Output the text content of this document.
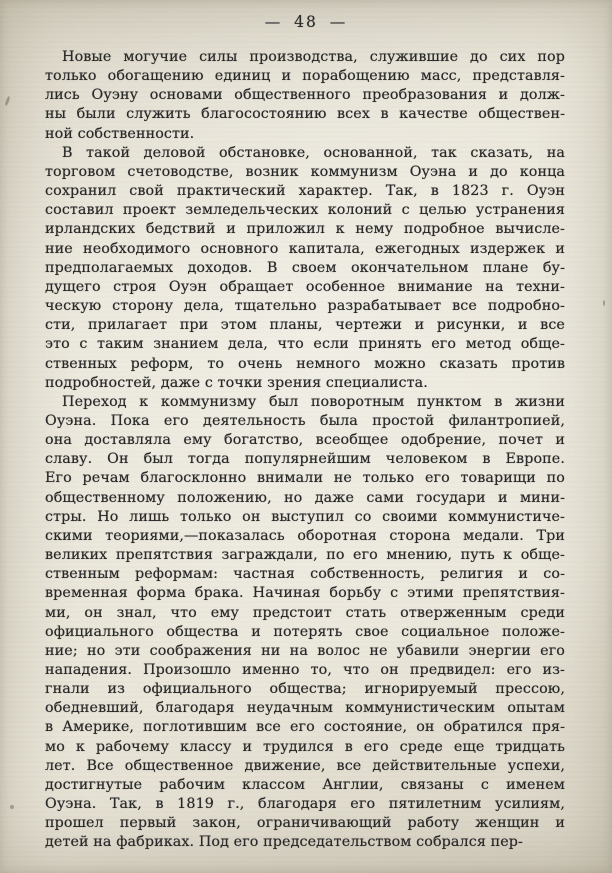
— 48 —
Новые могучие силы производства, служившие до сих пор
только обогащению единиц и порабощению масс, представля-
лись Оуэну основами общественного преобразования и долж-
ны были служить благосостоянию всех в качестве обществен-
ной собственности.
В такой деловой обстановке, основанной, так сказать, на
торговом счетоводстве, возник коммунизм Оуэна и до конца
сохранил свой практический характер. Так, в 1823 г. Оуэн
составил проект земледельческих колоний с целью устранения
ирландских бедствий и приложил к нему подробное вычисле-
ние необходимого основного капитала, ежегодных издержек и
предполагаемых доходов. В своем окончательном плане бу-
дущего строя Оуэн обращает особенное внимание на техни-
ческую сторону дела, тщательно разрабатывает все подробно-
сти, прилагает при этом планы, чертежи и рисунки, и все
это с таким знанием дела, что если принять его метод обще-
ственных реформ, то очень немного можно сказать против
подробностей, даже с точки зрения специалиста.
Переход к коммунизму был поворотным пунктом в жизни
Оуэна. Пока его деятельность была простой филантропией,
она доставляла ему богатство, всеобщее одобрение, почет и
славу. Он был тогда популярнейшим человеком в Европе.
Его речам благосклонно внимали не только его товарищи по
общественному положению, но даже сами государи и мини-
стры. Но лишь только он выступил со своими коммунистиче-
скими теориями,—показалась оборотная сторона медали. Три
великих препятствия заграждали, по его мнению, путь к обще-
ственным реформам: частная собственность, религия и со-
временная форма брака. Начиная борьбу с этими препятствия-
ми, он знал, что ему предстоит стать отверженным среди
официального общества и потерять свое социальное положе-
ние; но эти соображения ни на волос не убавили энергии его
нападения. Произошло именно то, что он предвидел: его из-
гнали из официального общества; игнорируемый прессою,
обедневший, благодаря неудачным коммунистическим опытам
в Америке, поглотившим все его состояние, он обратился пря-
мо к рабочему классу и трудился в его среде еще тридцать
лет. Все общественное движение, все действительные успехи,
достигнутые рабочим классом Англии, связаны с именем
Оуэна. Так, в 1819 г., благодаря его пятилетним усилиям,
прошел первый закон, ограничивающий работу женщин и
детей на фабриках. Под его председательством собрался пер-
